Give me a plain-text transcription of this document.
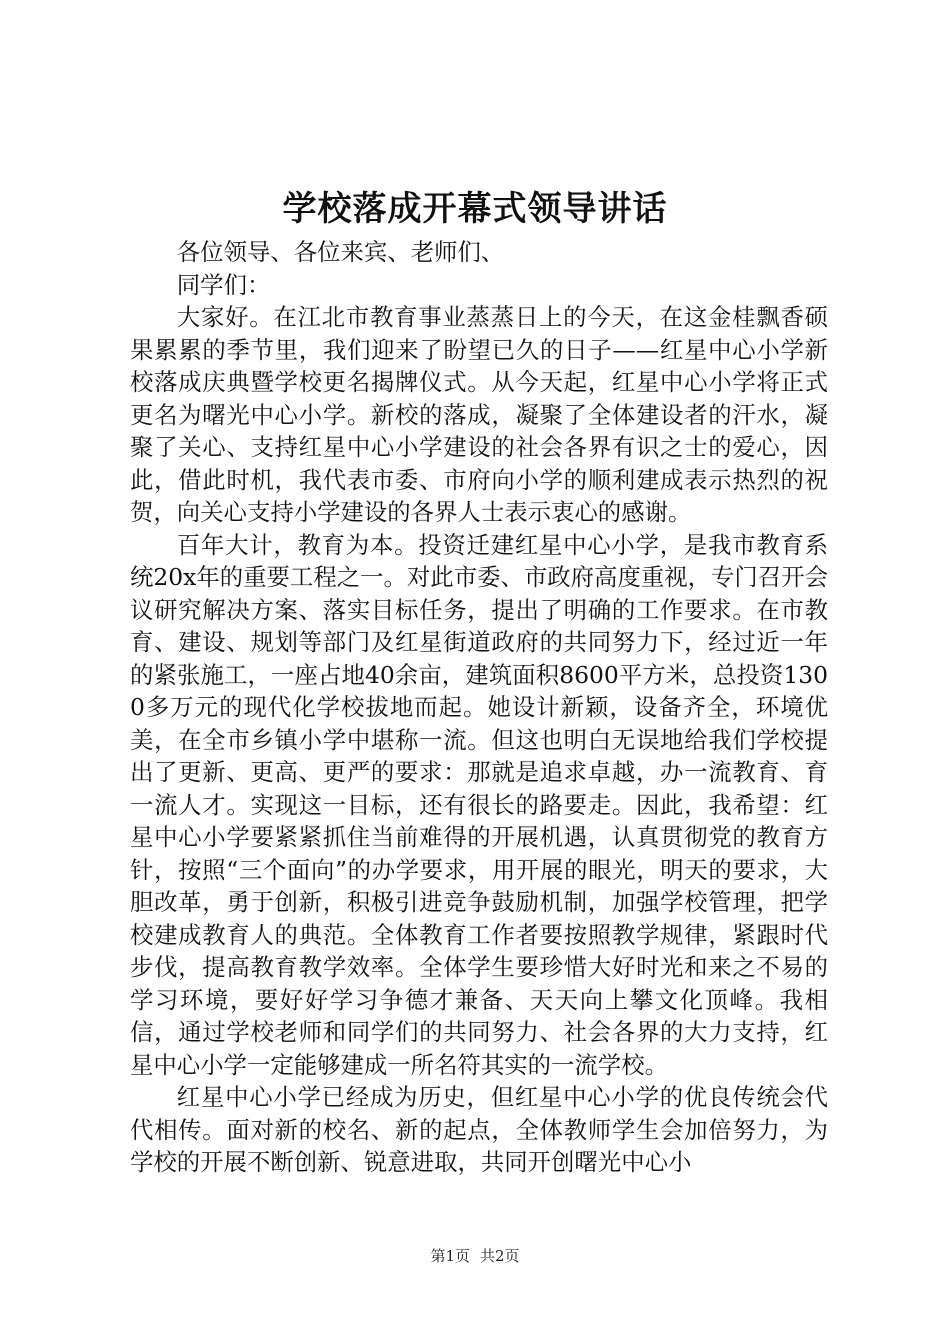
学校落成开幕式领导讲话

各位领导、各位来宾、老师们、

同学们：

大家好。在江北市教育事业蒸蒸日上的今天，在这金桂飘香硕果累累的季节里，我们迎来了盼望已久的日子——红星中心小学新校落成庆典暨学校更名揭牌仪式。从今天起，红星中心小学将正式更名为曙光中心小学。新校的落成，凝聚了全体建设者的汗水，凝聚了关心、支持红星中心小学建设的社会各界有识之士的爱心，因此，借此时机，我代表市委、市府向小学的顺利建成表示热烈的祝贺，向关心支持小学建设的各界人士表示衷心的感谢。

百年大计，教育为本。投资迁建红星中心小学，是我市教育系统20x年的重要工程之一。对此市委、市政府高度重视，专门召开会议研究解决方案、落实目标任务，提出了明确的工作要求。在市教育、建设、规划等部门及红星街道政府的共同努力下，经过近一年的紧张施工，一座占地40余亩，建筑面积8600平方米，总投资1300多万元的现代化学校拔地而起。她设计新颖，设备齐全，环境优美，在全市乡镇小学中堪称一流。但这也明白无误地给我们学校提出了更新、更高、更严的要求：那就是追求卓越，办一流教育、育一流人才。实现这一目标，还有很长的路要走。因此，我希望：红星中心小学要紧紧抓住当前难得的开展机遇，认真贯彻党的教育方针，按照“三个面向”的办学要求，用开展的眼光，明天的要求，大胆改革，勇于创新，积极引进竞争鼓励机制，加强学校管理，把学校建成教育人的典范。全体教育工作者要按照教学规律，紧跟时代步伐，提高教育教学效率。全体学生要珍惜大好时光和来之不易的学习环境，要好好学习争德才兼备、天天向上攀文化顶峰。我相信，通过学校老师和同学们的共同努力、社会各界的大力支持，红星中心小学一定能够建成一所名符其实的一流学校。

红星中心小学已经成为历史，但红星中心小学的优良传统会代代相传。面对新的校名、新的起点，全体教师学生会加倍努力，为学校的开展不断创新、锐意进取，共同开创曙光中心小

第1页 共2页
